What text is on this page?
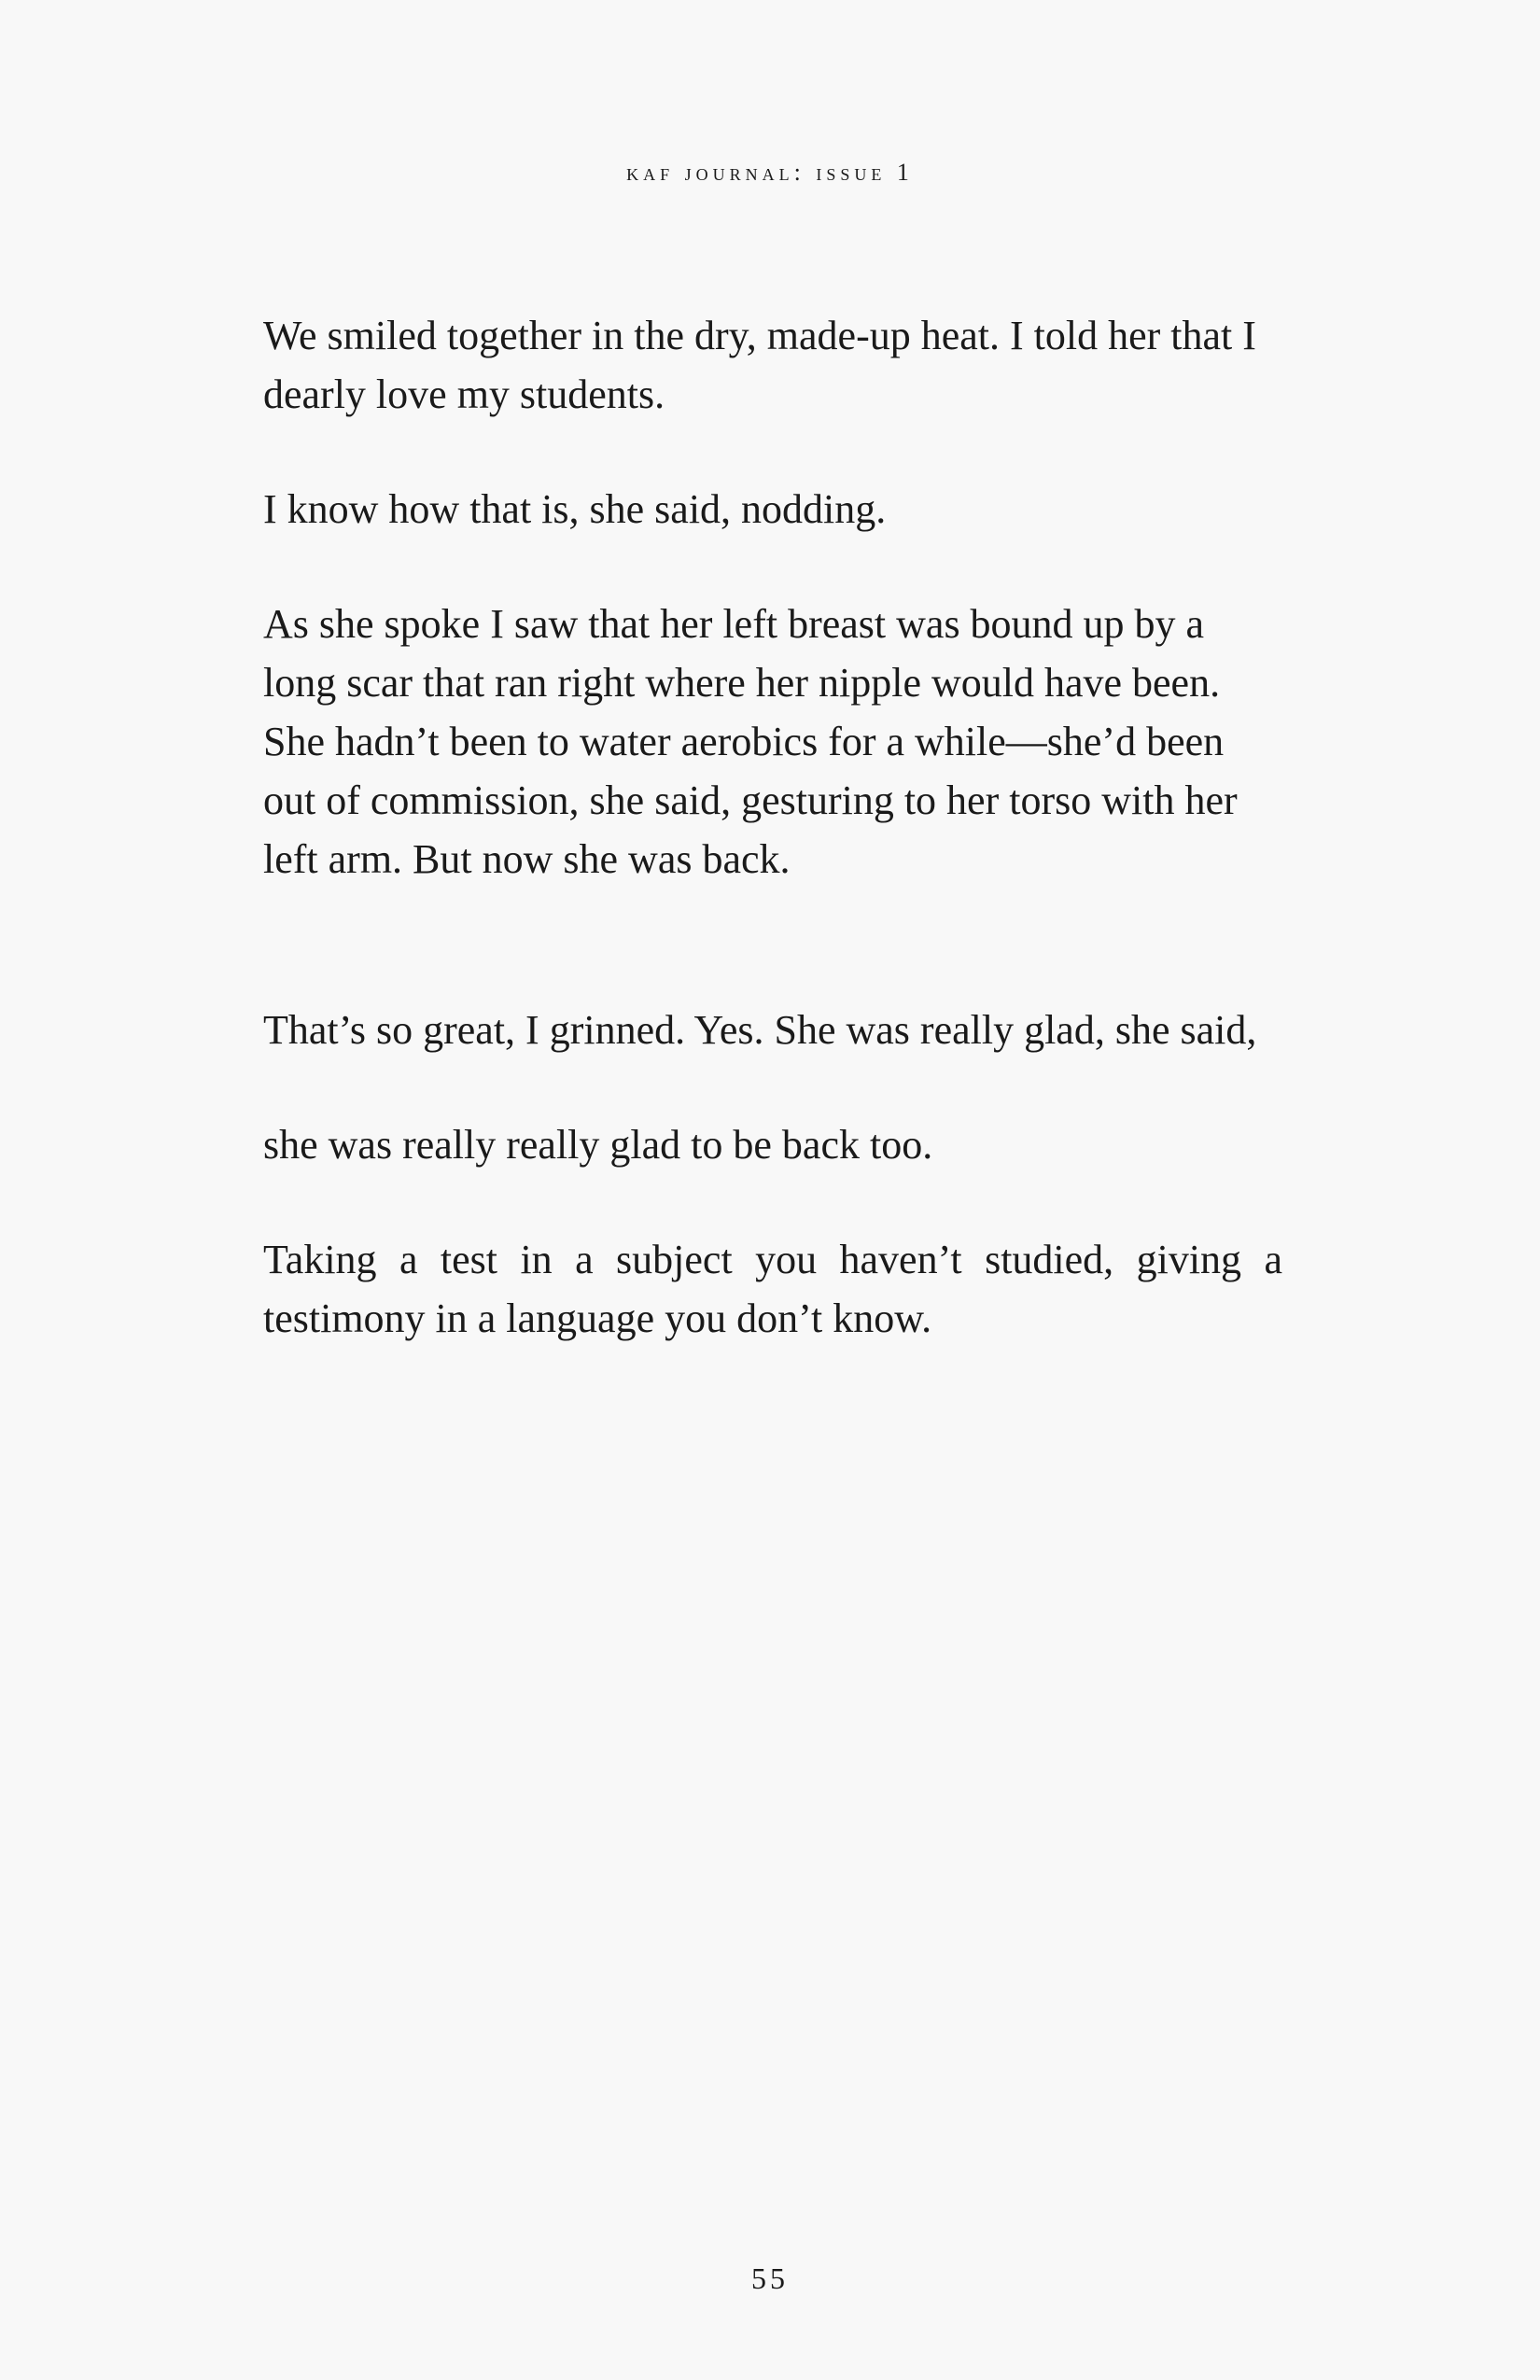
kaf journal: issue 1

We smiled together in the dry, made-up heat. I told her that I dearly love my students.

I know how that is, she said, nodding.

As she spoke I saw that her left breast was bound up by a long scar that ran right where her nipple would have been. She hadn’t been to water aerobics for a while—she’d been out of commission, she said, gesturing to her torso with her left arm. But now she was back.

That’s so great, I grinned. Yes. She was really glad, she said,

she was really really glad to be back too.

Taking a test in a subject you haven’t studied, giving a testimony in a language you don’t know.

55
